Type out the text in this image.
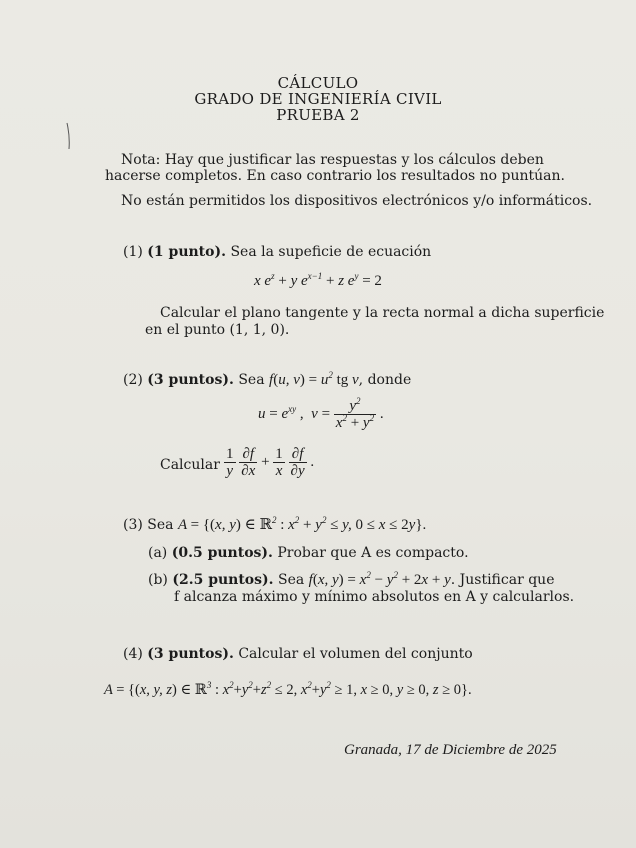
CÁLCULO
GRADO DE INGENIERÍA CIVIL
PRUEBA 2
Nota: Hay que justificar las respuestas y los cálculos deben
hacerse completos. En caso contrario los resultados no puntúan.
No están permitidos los dispositivos electrónicos y/o informáticos.
(1) (1 punto). Sea la supeficie de ecuación
x $e^z + y$ $e^{x-1} + z$ $e^y = 2$
Calcular el plano tangente y la recta normal a dicha superficie
en el punto (1, 1, 0).
(2) (3 puntos). Sea f(u, $v) = u^2$ tg v, donde
$u = e^{xy}$ ,  $v = \frac{y^2}{x^2 + y^2}$ .
Calcular $\frac{1}{y}$
$\frac{\partial f}{\partial x} + \frac{1}{x}$
$\frac{\partial f}{\partial y}$ .
(3) Sea A = {(x, y) ∈ ℝ$^2$ : $x^2 + y^2 \le y$, 0 ≤ x ≤ 2y}.
(a) (0.5 puntos). Probar que A es compacto.
(b) (2.5 puntos). Sea f(x, $y) = x^2 - y^2 + 2x + y$. Justificar que
f alcanza máximo y mínimo absolutos en A y calcularlos.
(4) (3 puntos). Calcular el volumen del conjunto
A = {(x, y, z) ∈ ℝ$^3$ : $x^2+y^2+z^2 \le 2$, $x^2+y^2 \ge 1$, x ≥ 0, y ≥ 0, z ≥ 0}.
Granada, 17 de Diciembre de 2025
